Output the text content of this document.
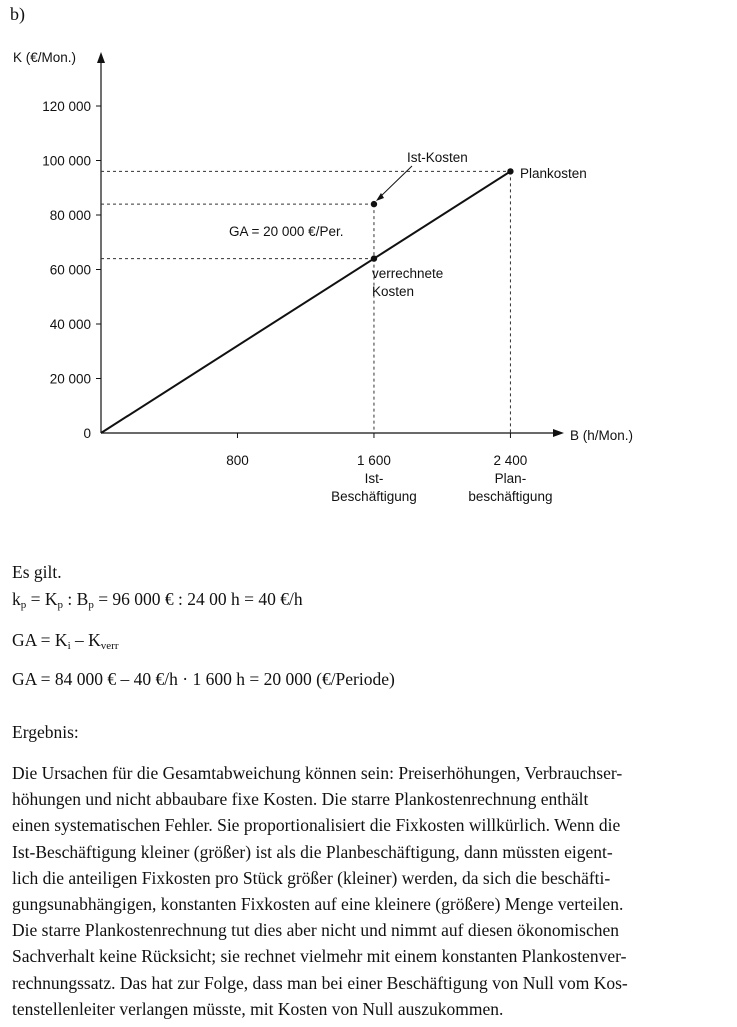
b)
K (€/Mon.)
B (h/Mon.)
0
20 000
40 000
60 000
80 000
100 000
120 000
800	1 600
Ist-
Beschäftigung
2 400
Plan-
beschäftigung
Plankosten
Ist-Kosten
verrechnete
Kosten
GA = 20 000 €/Per.
Es gilt.
$k_p = K_p$ : $B_p = 96$ 000 € : 24 00 h = 40 €/h
GA = $K_i - K_{verr}$
GA = 84 000 € – 40 €/h · 1 600 h = 20 000 (€/Periode)
Ergebnis:
Die Ursachen für die Gesamtabweichung können sein: Preiserhöhungen, Verbrauchser-
höhungen und nicht abbaubare fixe Kosten. Die starre Plankostenrechnung enthält
einen systematischen Fehler. Sie proportionalisiert die Fixkosten willkürlich. Wenn die
Ist-Beschäftigung kleiner (größer) ist als die Planbeschäftigung, dann müssten eigent-
lich die anteiligen Fixkosten pro Stück größer (kleiner) werden, da sich die beschäfti-
gungsunabhängigen, konstanten Fixkosten auf eine kleinere (größere) Menge verteilen.
Die starre Plankostenrechnung tut dies aber nicht und nimmt auf diesen ökonomischen
Sachverhalt keine Rücksicht; sie rechnet vielmehr mit einem konstanten Plankostenver-
rechnungssatz. Das hat zur Folge, dass man bei einer Beschäftigung von Null vom Kos-
tenstellenleiter verlangen müsste, mit Kosten von Null auszukommen.
